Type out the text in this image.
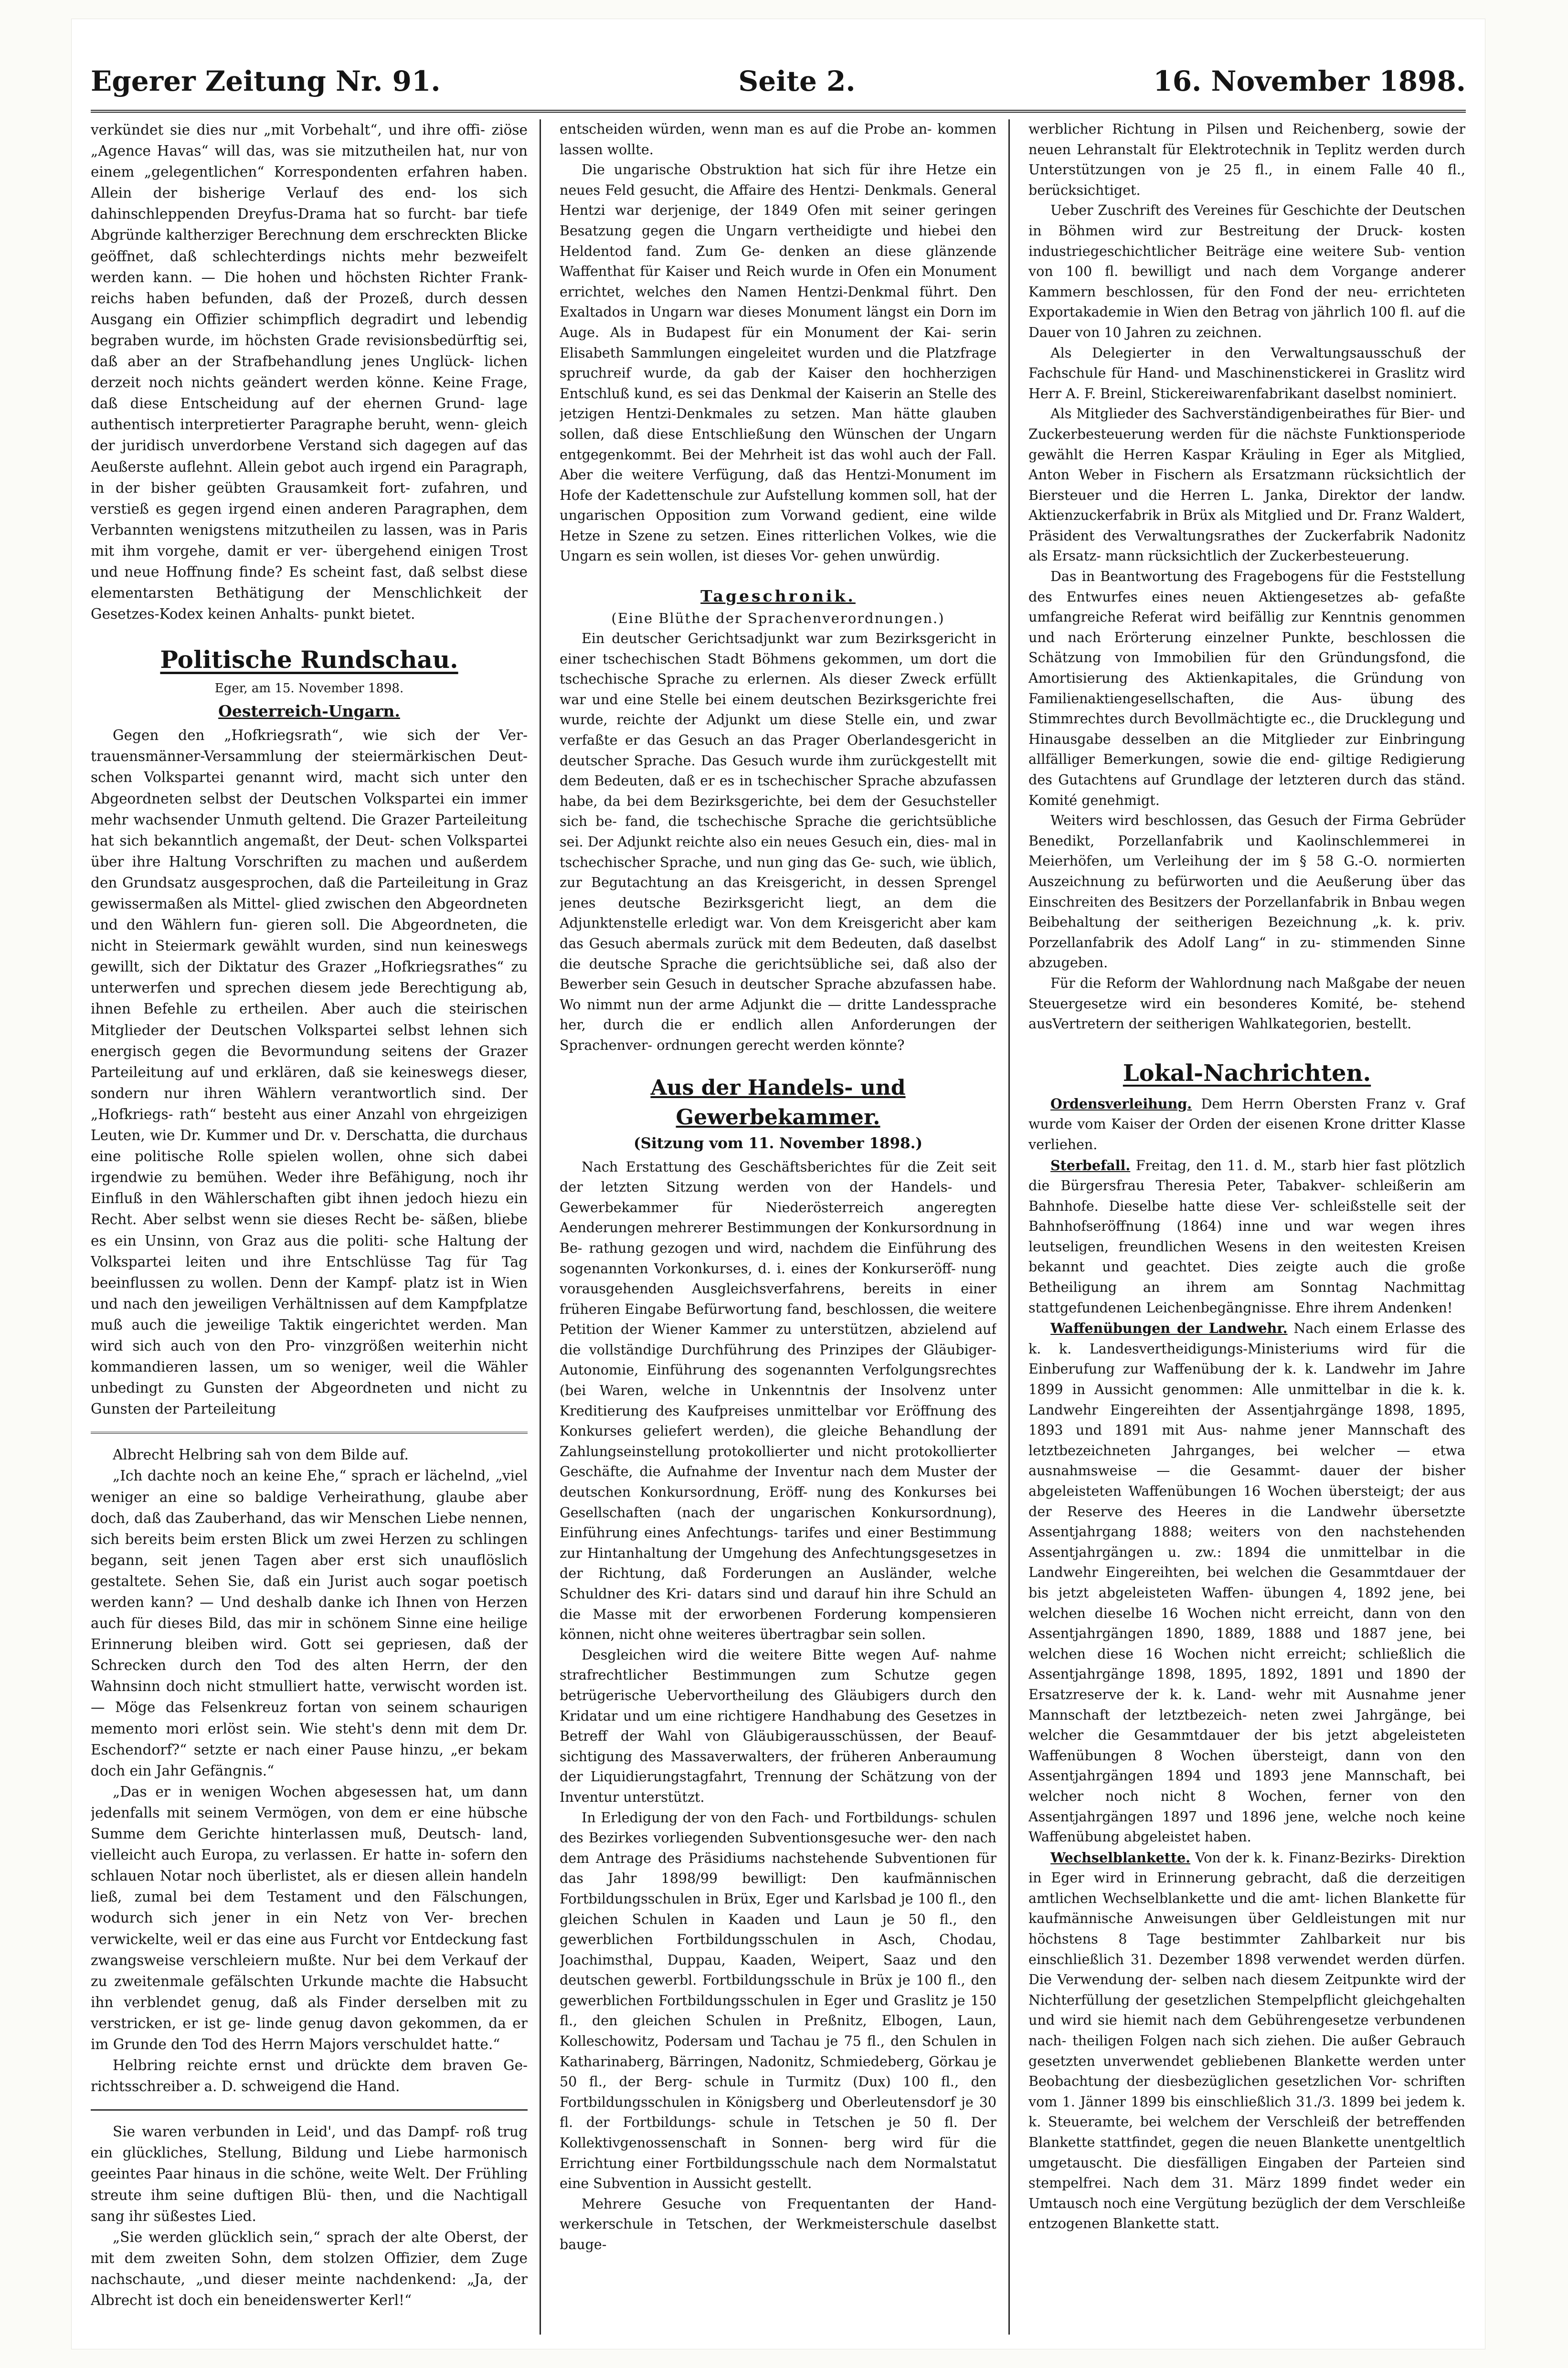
Egerer Zeitung Nr. 91.	Seite 2.	16. November 1898.

verkündet sie dies nur „mit Vorbehalt“, und ihre offi- ziöse „Agence Havas“ will das, was sie mitzutheilen hat, nur von einem „gelegentlichen“ Korrespondenten erfahren haben. Allein der bisherige Verlauf des end- los sich dahinschleppenden Dreyfus-Drama hat so furcht- bar tiefe Abgründe kaltherziger Berechnung dem erschreckten Blicke geöffnet, daß schlechterdings nichts mehr bezweifelt werden kann. — Die hohen und höchsten Richter Frank- reichs haben befunden, daß der Prozeß, durch dessen Ausgang ein Offizier schimpflich degradirt und lebendig begraben wurde, im höchsten Grade revisionsbedürftig sei, daß aber an der Strafbehandlung jenes Unglück- lichen derzeit noch nichts geändert werden könne. Keine Frage, daß diese Entscheidung auf der ehernen Grund- lage authentisch interpretierter Paragraphe beruht, wenn- gleich der juridisch unverdorbene Verstand sich dagegen auf das Aeußerste auflehnt. Allein gebot auch irgend ein Paragraph, in der bisher geübten Grausamkeit fort- zufahren, und verstieß es gegen irgend einen anderen Paragraphen, dem Verbannten wenigstens mitzutheilen zu lassen, was in Paris mit ihm vorgehe, damit er ver- übergehend einigen Trost und neue Hoffnung finde? Es scheint fast, daß selbst diese elementarsten Bethätigung der Menschlichkeit der Gesetzes-Kodex keinen Anhalts- punkt bietet.

Politische Rundschau.
Eger, am 15. November 1898.
Oesterreich-Ungarn.

Gegen den „Hofkriegsrath“, wie sich der Ver- trauensmänner-Versammlung der steiermärkischen Deut- schen Volkspartei genannt wird, macht sich unter den Abgeordneten selbst der Deutschen Volkspartei ein immer mehr wachsender Unmuth geltend. Die Grazer Parteileitung hat sich bekanntlich angemaßt, der Deut- schen Volkspartei über ihre Haltung Vorschriften zu machen und außerdem den Grundsatz ausgesprochen, daß die Parteileitung in Graz gewissermaßen als Mittel- glied zwischen den Abgeordneten und den Wählern fun- gieren soll. Die Abgeordneten, die nicht in Steiermark gewählt wurden, sind nun keineswegs gewillt, sich der Diktatur des Grazer „Hofkriegsrathes“ zu unterwerfen und sprechen diesem jede Berechtigung ab, ihnen Befehle zu ertheilen. Aber auch die steirischen Mitglieder der Deutschen Volkspartei selbst lehnen sich energisch gegen die Bevormundung seitens der Grazer Parteileitung auf und erklären, daß sie keineswegs dieser, sondern nur ihren Wählern verantwortlich sind. Der „Hofkriegs- rath“ besteht aus einer Anzahl von ehrgeizigen Leuten, wie Dr. Kummer und Dr. v. Derschatta, die durchaus eine politische Rolle spielen wollen, ohne sich dabei irgendwie zu bemühen. Weder ihre Befähigung, noch ihr Einfluß in den Wählerschaften gibt ihnen jedoch hiezu ein Recht. Aber selbst wenn sie dieses Recht be- säßen, bliebe es ein Unsinn, von Graz aus die politi- sche Haltung der Volkspartei leiten und ihre Entschlüsse Tag für Tag beeinflussen zu wollen. Denn der Kampf- platz ist in Wien und nach den jeweiligen Verhältnissen auf dem Kampfplatze muß auch die jeweilige Taktik eingerichtet werden. Man wird sich auch von den Pro- vinzgrößen weiterhin nicht kommandieren lassen, um so weniger, weil die Wähler unbedingt zu Gunsten der Abgeordneten und nicht zu Gunsten der Parteileitung

Albrecht Helbring sah von dem Bilde auf.

„Ich dachte noch an keine Ehe,“ sprach er lächelnd, „viel weniger an eine so baldige Verheirathung, glaube aber doch, daß das Zauberhand, das wir Menschen Liebe nennen, sich bereits beim ersten Blick um zwei Herzen zu schlingen begann, seit jenen Tagen aber erst sich unauflöslich gestaltete. Sehen Sie, daß ein Jurist auch sogar poetisch werden kann? — Und deshalb danke ich Ihnen von Herzen auch für dieses Bild, das mir in schönem Sinne eine heilige Erinnerung bleiben wird. Gott sei gepriesen, daß der Schrecken durch den Tod des alten Herrn, der den Wahnsinn doch nicht stmulliert hatte, verwischt worden ist. — Möge das Felsenkreuz fortan von seinem schaurigen memento mori erlöst sein. Wie steht's denn mit dem Dr. Eschendorf?“ setzte er nach einer Pause hinzu, „er bekam doch ein Jahr Gefängnis.“

„Das er in wenigen Wochen abgesessen hat, um dann jedenfalls mit seinem Vermögen, von dem er eine hübsche Summe dem Gerichte hinterlassen muß, Deutsch- land, vielleicht auch Europa, zu verlassen. Er hatte in- sofern den schlauen Notar noch überlistet, als er diesen allein handeln ließ, zumal bei dem Testament und den Fälschungen, wodurch sich jener in ein Netz von Ver- brechen verwickelte, weil er das eine aus Furcht vor Entdeckung fast zwangsweise verschleiern mußte. Nur bei dem Verkauf der zu zweitenmale gefälschten Urkunde machte die Habsucht ihn verblendet genug, daß als Finder derselben mit zu verstricken, er ist ge- linde genug davon gekommen, da er im Grunde den Tod des Herrn Majors verschuldet hatte.“

Helbring reichte ernst und drückte dem braven Ge- richtsschreiber a. D. schweigend die Hand.

Sie waren verbunden in Leid', und das Dampf- roß trug ein glückliches, Stellung, Bildung und Liebe harmonisch geeintes Paar hinaus in die schöne, weite Welt. Der Frühling streute ihm seine duftigen Blü- then, und die Nachtigall sang ihr süßestes Lied.

„Sie werden glücklich sein,“ sprach der alte Oberst, der mit dem zweiten Sohn, dem stolzen Offizier, dem Zuge nachschaute, „und dieser meinte nachdenkend: „Ja, der Albrecht ist doch ein beneidenswerter Kerl!“

entscheiden würden, wenn man es auf die Probe an- kommen lassen wollte.

Die ungarische Obstruktion hat sich für ihre Hetze ein neues Feld gesucht, die Affaire des Hentzi- Denkmals. General Hentzi war derjenige, der 1849 Ofen mit seiner geringen Besatzung gegen die Ungarn vertheidigte und hiebei den Heldentod fand. Zum Ge- denken an diese glänzende Waffenthat für Kaiser und Reich wurde in Ofen ein Monument errichtet, welches den Namen Hentzi-Denkmal führt. Den Exaltados in Ungarn war dieses Monument längst ein Dorn im Auge. Als in Budapest für ein Monument der Kai- serin Elisabeth Sammlungen eingeleitet wurden und die Platzfrage spruchreif wurde, da gab der Kaiser den hochherzigen Entschluß kund, es sei das Denkmal der Kaiserin an Stelle des jetzigen Hentzi-Denkmales zu setzen. Man hätte glauben sollen, daß diese Entschließung den Wünschen der Ungarn entgegenkommt. Bei der Mehrheit ist das wohl auch der Fall. Aber die weitere Verfügung, daß das Hentzi-Monument im Hofe der Kadettenschule zur Aufstellung kommen soll, hat der ungarischen Opposition zum Vorwand gedient, eine wilde Hetze in Szene zu setzen. Eines ritterlichen Volkes, wie die Ungarn es sein wollen, ist dieses Vor- gehen unwürdig.

Tageschronik.
(Eine Blüthe der Sprachenverordnungen.)

Ein deutscher Gerichtsadjunkt war zum Bezirksgericht in einer tschechischen Stadt Böhmens gekommen, um dort die tschechische Sprache zu erlernen. Als dieser Zweck erfüllt war und eine Stelle bei einem deutschen Bezirksgerichte frei wurde, reichte der Adjunkt um diese Stelle ein, und zwar verfaßte er das Gesuch an das Prager Oberlandesgericht in deutscher Sprache. Das Gesuch wurde ihm zurückgestellt mit dem Bedeuten, daß er es in tschechischer Sprache abzufassen habe, da bei dem Bezirksgerichte, bei dem der Gesuchsteller sich be- fand, die tschechische Sprache die gerichtsübliche sei. Der Adjunkt reichte also ein neues Gesuch ein, dies- mal in tschechischer Sprache, und nun ging das Ge- such, wie üblich, zur Begutachtung an das Kreisgericht, in dessen Sprengel jenes deutsche Bezirksgericht liegt, an dem die Adjunktenstelle erledigt war. Von dem Kreisgericht aber kam das Gesuch abermals zurück mit dem Bedeuten, daß daselbst die deutsche Sprache die gerichtsübliche sei, daß also der Bewerber sein Gesuch in deutscher Sprache abzufassen habe. Wo nimmt nun der arme Adjunkt die — dritte Landessprache her, durch die er endlich allen Anforderungen der Sprachenver- ordnungen gerecht werden könnte?

Aus der Handels- und Gewerbekammer.
(Sitzung vom 11. November 1898.)

Nach Erstattung des Geschäftsberichtes für die Zeit seit der letzten Sitzung werden von der Handels- und Gewerbekammer für Niederösterreich angeregten Aenderungen mehrerer Bestimmungen der Konkursordnung in Be- rathung gezogen und wird, nachdem die Einführung des sogenannten Vorkonkurses, d. i. eines der Konkurseröff- nung vorausgehenden Ausgleichsverfahrens, bereits in einer früheren Eingabe Befürwortung fand, beschlossen, die weitere Petition der Wiener Kammer zu unterstützen, abzielend auf die vollständige Durchführung des Prinzipes der Gläubiger-Autonomie, Einführung des sogenannten Verfolgungsrechtes (bei Waren, welche in Unkenntnis der Insolvenz unter Kreditierung des Kaufpreises unmittelbar vor Eröffnung des Konkurses geliefert werden), die gleiche Behandlung der Zahlungseinstellung protokollierter und nicht protokollierter Geschäfte, die Aufnahme der Inventur nach dem Muster der deutschen Konkursordnung, Eröff- nung des Konkurses bei Gesellschaften (nach der ungarischen Konkursordnung), Einführung eines Anfechtungs- tarifes und einer Bestimmung zur Hintanhaltung der Umgehung des Anfechtungsgesetzes in der Richtung, daß Forderungen an Ausländer, welche Schuldner des Kri- datars sind und darauf hin ihre Schuld an die Masse mit der erworbenen Forderung kompensieren können, nicht ohne weiteres übertragbar sein sollen.

Desgleichen wird die weitere Bitte wegen Auf- nahme strafrechtlicher Bestimmungen zum Schutze gegen betrügerische Uebervortheilung des Gläubigers durch den Kridatar und um eine richtigere Handhabung des Gesetzes in Betreff der Wahl von Gläubigerausschüssen, der Beauf- sichtigung des Massaverwalters, der früheren Anberaumung der Liquidierungstagfahrt, Trennung der Schätzung von der Inventur unterstützt.

In Erledigung der von den Fach- und Fortbildungs- schulen des Bezirkes vorliegenden Subventionsgesuche wer- den nach dem Antrage des Präsidiums nachstehende Subventionen für das Jahr 1898/99 bewilligt: Den kaufmännischen Fortbildungsschulen in Brüx, Eger und Karlsbad je 100 fl., den gleichen Schulen in Kaaden und Laun je 50 fl., den gewerblichen Fortbildungsschulen in Asch, Chodau, Joachimsthal, Duppau, Kaaden, Weipert, Saaz und den deutschen gewerbl. Fortbildungsschule in Brüx je 100 fl., den gewerblichen Fortbildungsschulen in Eger und Graslitz je 150 fl., den gleichen Schulen in Preßnitz, Elbogen, Laun, Kolleschowitz, Podersam und Tachau je 75 fl., den Schulen in Katharinaberg, Bärringen, Nadonitz, Schmiedeberg, Görkau je 50 fl., der Berg- schule in Turmitz (Dux) 100 fl., den Fortbildungsschulen in Königsberg und Oberleutensdorf je 30 fl. der Fortbildungs- schule in Tetschen je 50 fl. Der Kollektivgenossenschaft in Sonnen- berg wird für die Errichtung einer Fortbildungsschule nach dem Normalstatut eine Subvention in Aussicht gestellt.

Mehrere Gesuche von Frequentanten der Hand- werkerschule in Tetschen, der Werkmeisterschule daselbst bauge-

werblicher Richtung in Pilsen und Reichenberg, sowie der neuen Lehranstalt für Elektrotechnik in Teplitz werden durch Unterstützungen von je 25 fl., in einem Falle 40 fl., berücksichtiget.

Ueber Zuschrift des Vereines für Geschichte der Deutschen in Böhmen wird zur Bestreitung der Druck- kosten industriegeschichtlicher Beiträge eine weitere Sub- vention von 100 fl. bewilligt und nach dem Vorgange anderer Kammern beschlossen, für den Fond der neu- errichteten Exportakademie in Wien den Betrag von jährlich 100 fl. auf die Dauer von 10 Jahren zu zeichnen.

Als Delegierter in den Verwaltungsausschuß der Fachschule für Hand- und Maschinenstickerei in Graslitz wird Herr A. F. Breinl, Stickereiwarenfabrikant daselbst nominiert.

Als Mitglieder des Sachverständigenbeirathes für Bier- und Zuckerbesteuerung werden für die nächste Funktionsperiode gewählt die Herren Kaspar Kräuling in Eger als Mitglied, Anton Weber in Fischern als Ersatzmann rücksichtlich der Biersteuer und die Herren L. Janka, Direktor der landw. Aktienzuckerfabrik in Brüx als Mitglied und Dr. Franz Waldert, Präsident des Verwaltungsrathes der Zuckerfabrik Nadonitz als Ersatz- mann rücksichtlich der Zuckerbesteuerung.

Das in Beantwortung des Fragebogens für die Feststellung des Entwurfes eines neuen Aktiengesetzes ab- gefaßte umfangreiche Referat wird beifällig zur Kenntnis genommen und nach Erörterung einzelner Punkte, beschlossen die Schätzung von Immobilien für den Gründungsfond, die Amortisierung des Aktienkapitales, die Gründung von Familienaktiengesellschaften, die Aus- übung des Stimmrechtes durch Bevollmächtigte ec., die Drucklegung und Hinausgabe desselben an die Mitglieder zur Einbringung allfälliger Bemerkungen, sowie die end- giltige Redigierung des Gutachtens auf Grundlage der letzteren durch das ständ. Komité genehmigt.

Weiters wird beschlossen, das Gesuch der Firma Gebrüder Benedikt, Porzellanfabrik und Kaolinschlemmerei in Meierhöfen, um Verleihung der im § 58 G.-O. normierten Auszeichnung zu befürworten und die Aeußerung über das Einschreiten des Besitzers der Porzellanfabrik in Bnbau wegen Beibehaltung der seitherigen Bezeichnung „k. k. priv. Porzellanfabrik des Adolf Lang“ in zu- stimmenden Sinne abzugeben.

Für die Reform der Wahlordnung nach Maßgabe der neuen Steuergesetze wird ein besonderes Komité, be- stehend ausVertretern der seitherigen Wahlkategorien, bestellt.

Lokal-Nachrichten.

Ordensverleihung. Dem Herrn Obersten Franz v. Graf wurde vom Kaiser der Orden der eisenen Krone dritter Klasse verliehen.

Sterbefall. Freitag, den 11. d. M., starb hier fast plötzlich die Bürgersfrau Theresia Peter, Tabakver- schleißerin am Bahnhofe. Dieselbe hatte diese Ver- schleißstelle seit der Bahnhofseröffnung (1864) inne und war wegen ihres leutseligen, freundlichen Wesens in den weitesten Kreisen bekannt und geachtet. Dies zeigte auch die große Betheiligung an ihrem am Sonntag Nachmittag stattgefundenen Leichenbegängnisse. Ehre ihrem Andenken!

Waffenübungen der Landwehr. Nach einem Erlasse des k. k. Landesvertheidigungs-Ministeriums wird für die Einberufung zur Waffenübung der k. k. Landwehr im Jahre 1899 in Aussicht genommen: Alle unmittelbar in die k. k. Landwehr Eingereihten der Assentjahrgänge 1898, 1895, 1893 und 1891 mit Aus- nahme jener Mannschaft des letztbezeichneten Jahrganges, bei welcher — etwa ausnahmsweise — die Gesammt- dauer der bisher abgeleisteten Waffenübungen 16 Wochen übersteigt; der aus der Reserve des Heeres in die Landwehr übersetzte Assentjahrgang 1888; weiters von den nachstehenden Assentjahrgängen u. zw.: 1894 die unmittelbar in die Landwehr Eingereihten, bei welchen die Gesammtdauer der bis jetzt abgeleisteten Waffen- übungen 4, 1892 jene, bei welchen dieselbe 16 Wochen nicht erreicht, dann von den Assentjahrgängen 1890, 1889, 1888 und 1887 jene, bei welchen diese 16 Wochen nicht erreicht; schließlich die Assentjahrgänge 1898, 1895, 1892, 1891 und 1890 der Ersatzreserve der k. k. Land- wehr mit Ausnahme jener Mannschaft der letztbezeich- neten zwei Jahrgänge, bei welcher die Gesammtdauer der bis jetzt abgeleisteten Waffenübungen 8 Wochen übersteigt, dann von den Assentjahrgängen 1894 und 1893 jene Mannschaft, bei welcher noch nicht 8 Wochen, ferner von den Assentjahrgängen 1897 und 1896 jene, welche noch keine Waffenübung abgeleistet haben.

Wechselblankette. Von der k. k. Finanz-Bezirks- Direktion in Eger wird in Erinnerung gebracht, daß die derzeitigen amtlichen Wechselblankette und die amt- lichen Blankette für kaufmännische Anweisungen über Geldleistungen mit nur höchstens 8 Tage bestimmter Zahlbarkeit nur bis einschließlich 31. Dezember 1898 verwendet werden dürfen. Die Verwendung der- selben nach diesem Zeitpunkte wird der Nichterfüllung der gesetzlichen Stempelpflicht gleichgehalten und wird sie hiemit nach dem Gebührengesetze verbundenen nach- theiligen Folgen nach sich ziehen. Die außer Gebrauch gesetzten unverwendet gebliebenen Blankette werden unter Beobachtung der diesbezüglichen gesetzlichen Vor- schriften vom 1. Jänner 1899 bis einschließlich 31./3. 1899 bei jedem k. k. Steueramte, bei welchem der Verschleiß der betreffenden Blankette stattfindet, gegen die neuen Blankette unentgeltlich umgetauscht. Die diesfälligen Eingaben der Parteien sind stempelfrei. Nach dem 31. März 1899 findet weder ein Umtausch noch eine Vergütung bezüglich der dem Verschleiße entzogenen Blankette statt.
